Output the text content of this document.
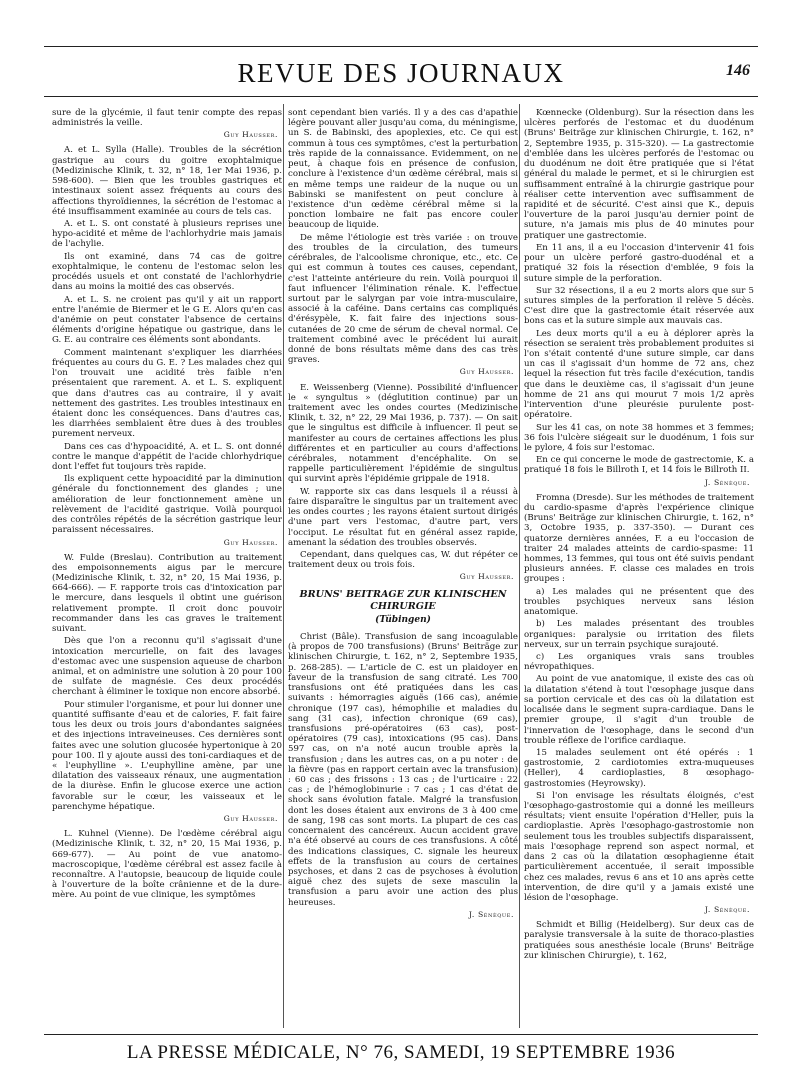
REVUE DES JOURNAUX	146

sure de la glycémie, il faut tenir compte des repas administrés la veille.

Guy Hausser.

A. et L. Sylla (Halle). Troubles de la sécrétion gastrique au cours du goitre exophtalmique (Medizinische Klinik, t. 32, n° 18, 1er Mai 1936, p. 598-600). — Bien que les troubles gastriques et intestinaux soient assez fréquents au cours des affections thyroïdiennes, la sécrétion de l'estomac a été insuffisamment examinée au cours de tels cas.

A. et L. S. ont constaté à plusieurs reprises une hypo-acidité et même de l'achlorhydrie mais jamais de l'achylie.

Ils ont examiné, dans 74 cas de goitre exophtalmique, le contenu de l'estomac selon les procédés usuels et ont constaté de l'achlorhydrie dans au moins la moitié des cas observés.

A. et L. S. ne croient pas qu'il y ait un rapport entre l'anémie de Biermer et le G E. Alors qu'en cas d'anémie on peut constater l'absence de certains éléments d'origine hépatique ou gastrique, dans le G. E. au contraire ces éléments sont abondants.

Comment maintenant s'expliquer les diarrhées fréquentes au cours du G. E. ? Les malades chez qui l'on trouvait une acidité très faible n'en présentaient que rarement. A. et L. S. expliquent que dans d'autres cas au contraire, il y avait nettement des gastrites. Les troubles intestinaux en étaient donc les conséquences. Dans d'autres cas, les diarrhées semblaient être dues à des troubles purement nerveux.

Dans ces cas d'hypoacidité, A. et L. S. ont donné contre le manque d'appétit de l'acide chlorhydrique dont l'effet fut toujours très rapide.

Ils expliquent cette hypoacidité par la diminution générale du fonctionnement des glandes ; une amélioration de leur fonctionnement amène un relèvement de l'acidité gastrique. Voilà pourquoi des contrôles répétés de la sécrétion gastrique leur paraissent nécessaires.

Guy Hausser.

W. Fulde (Breslau). Contribution au traitement des empoisonnements aigus par le mercure (Medizinische Klinik, t. 32, n° 20, 15 Mai 1936, p. 664-666). — F. rapporte trois cas d'intoxication par le mercure, dans lesquels il obtint une guérison relativement prompte. Il croit donc pouvoir recommander dans les cas graves le traitement suivant.

Dès que l'on a reconnu qu'il s'agissait d'une intoxication mercurielle, on fait des lavages d'estomac avec une suspension aqueuse de charbon animal, et on administre une solution à 20 pour 100 de sulfate de magnésie. Ces deux procédés cherchant à éliminer le toxique non encore absorbé.

Pour stimuler l'organisme, et pour lui donner une quantité suffisante d'eau et de calories, F. fait faire tous les deux ou trois jours d'abondantes saignées et des injections intraveineuses. Ces dernières sont faites avec une solution glucosée hypertonique à 20 pour 100. Il y ajoute aussi des toni-cardiaques et de « l'euphylline ». L'euphylline amène, par une dilatation des vaisseaux rénaux, une augmentation de la diurèse. Enfin le glucose exerce une action favorable sur le cœur, les vaisseaux et le parenchyme hépatique.

Guy Hausser.

L. Kuhnel (Vienne). De l'œdème cérébral aigu (Medizinische Klinik, t. 32, n° 20, 15 Mai 1936, p. 669-677). — Au point de vue anatomo-macroscopique, l'œdème cérébral est assez facile à reconnaître. A l'autopsie, beaucoup de liquide coule à l'ouverture de la boîte crânienne et de la dure-mère. Au point de vue clinique, les symptômes

sont cependant bien variés. Il y a des cas d'apathie légère pouvant aller jusqu'au coma, du méningisme, un S. de Babinski, des apoplexies, etc. Ce qui est commun à tous ces symptômes, c'est la perturbation très rapide de la connaissance. Evidemment, on ne peut, à chaque fois en présence de confusion, conclure à l'existence d'un œdème cérébral, mais si en même temps une raideur de la nuque ou un Babinski se manifestent on peut conclure à l'existence d'un œdème cérébral même si la ponction lombaire ne fait pas encore couler beaucoup de liquide.

De même l'étiologie est très variée : on trouve des troubles de la circulation, des tumeurs cérébrales, de l'alcoolisme chronique, etc., etc. Ce qui est commun à toutes ces causes, cependant, c'est l'atteinte antérieure du rein. Voilà pourquoi il faut influencer l'élimination rénale. K. l'effectue surtout par le salyrgan par voie intra-musculaire, associé à la caféine. Dans certains cas compliqués d'érésypèle, K. fait faire des injections sous-cutanées de 20 cme de sérum de cheval normal. Ce traitement combiné avec le précédent lui aurait donné de bons résultats même dans des cas très graves.

Guy Hausser.

E. Weissenberg (Vienne). Possibilité d'influencer le « syngultus » (déglutition continue) par un traitement avec les ondes courtes (Medizinische Klinik, t. 32, n° 22, 29 Mai 1936, p. 737). — On sait que le singultus est difficile à influencer. Il peut se manifester au cours de certaines affections les plus différentes et en particulier au cours d'affections cérébrales, notamment d'encéphalite. On se rappelle particulièrement l'épidémie de singultus qui survint après l'épidémie grippale de 1918.

W. rapporte six cas dans lesquels il a réussi à faire disparaître le singultus par un traitement avec les ondes courtes ; les rayons étaient surtout dirigés d'une part vers l'estomac, d'autre part, vers l'occiput. Le résultat fut en général assez rapide, amenant la sédation des troubles observés.

Cependant, dans quelques cas, W. dut répéter ce traitement deux ou trois fois.

Guy Hausser.
BRUNS' BEITRAGE ZUR KLINISCHEN CHIRURGIE
(Tübingen)

Christ (Bâle). Transfusion de sang incoagulable (à propos de 700 transfusions) (Bruns' Beiträge zur klinischen Chirurgie, t. 162, n° 2, Septembre 1935, p. 268-285). — L'article de C. est un plaidoyer en faveur de la transfusion de sang citraté. Les 700 transfusions ont été pratiquées dans les cas suivants : hémorragies aiguës (166 cas), anémie chronique (197 cas), hémophilie et maladies du sang (31 cas), infection chronique (69 cas), transfusions pré-opératoires (63 cas), post-opératoires (79 cas), intoxications (95 cas). Dans 597 cas, on n'a noté aucun trouble après la transfusion ; dans les autres cas, on a pu noter : de la fièvre (pas en rapport certain avec la transfusion) : 60 cas ; des frissons : 13 cas ; de l'urticaire : 22 cas ; de l'hémoglobinurie : 7 cas ; 1 cas d'état de shock sans évolution fatale. Malgré la transfusion dont les doses étaient aux environs de 3 à 400 cme de sang, 198 cas sont morts. La plupart de ces cas concernaient des cancéreux. Aucun accident grave n'a été observé au cours de ces transfusions. A côté des indications classiques, C. signale les heureux effets de la transfusion au cours de certaines psychoses, et dans 2 cas de psychoses à évolution aiguë chez des sujets de sexe masculin la transfusion a paru avoir une action des plus heureuses.

J. Sénèque.

Kœnnecke (Oldenburg). Sur la résection dans les ulcères perforés de l'estomac et du duodénum (Bruns' Beiträge zur klinischen Chirurgie, t. 162, n° 2, Septembre 1935, p. 315-320). — La gastrectomie d'emblée dans les ulcères perforés de l'estomac ou du duodénum ne doit être pratiquée que si l'état général du malade le permet, et si le chirurgien est suffisamment entraîné à la chirurgie gastrique pour réaliser cette intervention avec suffisamment de rapidité et de sécurité. C'est ainsi que K., depuis l'ouverture de la paroi jusqu'au dernier point de suture, n'a jamais mis plus de 40 minutes pour pratiquer une gastrectomie.

En 11 ans, il a eu l'occasion d'intervenir 41 fois pour un ulcère perforé gastro-duodénal et a pratiqué 32 fois la résection d'emblée, 9 fois la suture simple de la perforation.

Sur 32 résections, il a eu 2 morts alors que sur 5 sutures simples de la perforation il relève 5 décès. C'est dire que la gastrectomie était réservée aux bons cas et la suture simple aux mauvais cas.

Les deux morts qu'il a eu à déplorer après la résection se seraient très probablement produites si l'on s'était contenté d'une suture simple, car dans un cas il s'agissait d'un homme de 72 ans, chez lequel la résection fut très facile d'exécution, tandis que dans le deuxième cas, il s'agissait d'un jeune homme de 21 ans qui mourut 7 mois 1/2 après l'intervention d'une pleurésie purulente post-opératoire.

Sur les 41 cas, on note 38 hommes et 3 femmes; 36 fois l'ulcère siégeait sur le duodénum, 1 fois sur le pylore, 4 fois sur l'estomac.

En ce qui concerne le mode de gastrectomie, K. a pratiqué 18 fois le Billroth I, et 14 fois le Billroth II.

J. Sénèque.

Fromna (Dresde). Sur les méthodes de traitement du cardio-spasme d'après l'expérience clinique (Bruns' Beiträge zur klinischen Chirurgie, t. 162, n° 3, Octobre 1935, p. 337-350). — Durant ces quatorze dernières années, F. a eu l'occasion de traiter 24 malades atteints de cardio-spasme: 11 hommes, 13 femmes, qui tous ont été suivis pendant plusieurs années. F. classe ces malades en trois groupes :

a) Les malades qui ne présentent que des troubles psychiques nerveux sans lésion anatomique.

b) Les malades présentant des troubles organiques: paralysie ou irritation des filets nerveux, sur un terrain psychique surajouté.

c) Les organiques vrais sans troubles névropathiques.

Au point de vue anatomique, il existe des cas où la dilatation s'étend à tout l'œsophage jusque dans sa portion cervicale et des cas où la dilatation est localisée dans le segment supra-cardiaque. Dans le premier groupe, il s'agit d'un trouble de l'innervation de l'œsophage, dans le second d'un trouble réflexe de l'orifice cardiaque.

15 malades seulement ont été opérés : 1 gastrostomie, 2 cardiotomies extra-muqueuses (Heller), 4 cardioplasties, 8 œsophago-gastrostomies (Heyrowsky).

Si l'on envisage les résultats éloignés, c'est l'œsophago-gastrostomie qui a donné les meilleurs résultats; vient ensuite l'opération d'Heller, puis la cardioplastie. Après l'œsophago-gastrostomie non seulement tous les troubles subjectifs disparaissent, mais l'œsophage reprend son aspect normal, et dans 2 cas où la dilatation œsophagienne était particulièrement accentuée, il serait impossible chez ces malades, revus 6 ans et 10 ans après cette intervention, de dire qu'il y a jamais existé une lésion de l'œsophage.

J. Sénèque.

Schmidt et Billig (Heidelberg). Sur deux cas de paralysie transversale à la suite de thoraco-plasties pratiquées sous anesthésie locale (Bruns' Beiträge zur klinischen Chirurgie), t. 162,

LA PRESSE MÉDICALE, N° 76, SAMEDI, 19 SEPTEMBRE 1936
